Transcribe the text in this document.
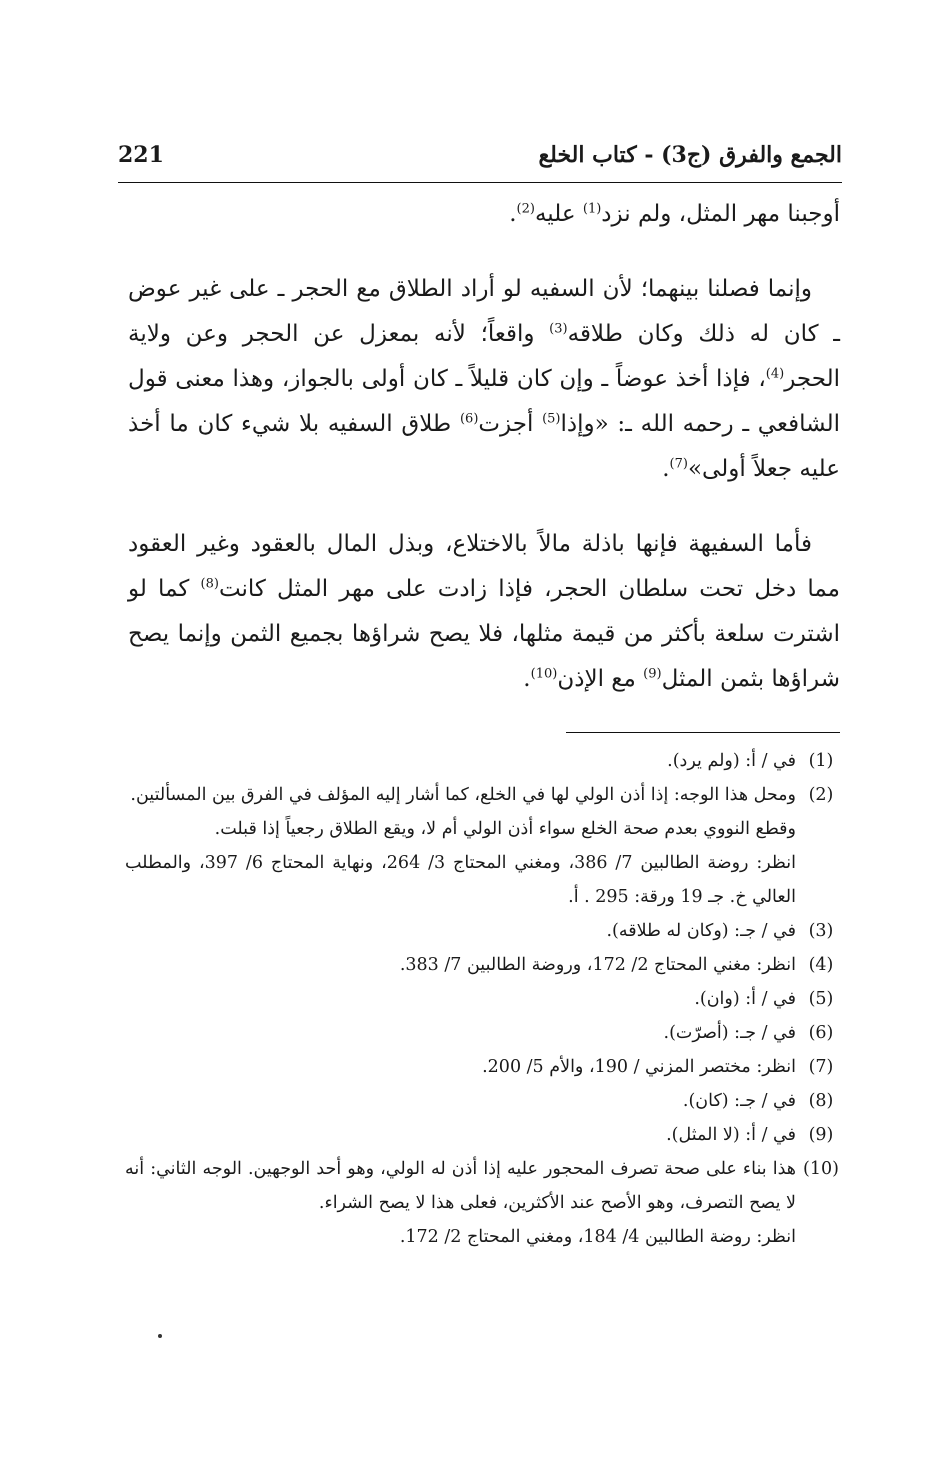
الجمع والفرق (ج3) - كتاب الخلع
221

أوجبنا مهر المثل، ولم نزد$^{(1)}$ عليه$^{(2)}$.

وإنما فصلنا بينهما؛ لأن السفيه لو أراد الطلاق مع الحجر ـ على غير عوض ـ كان له ذلك وكان طلاقه$^{(3)}$ واقعاً؛ لأنه بمعزل عن الحجر وعن ولاية الحجر$^{(4)}$، فإذا أخذ عوضاً ـ وإن كان قليلاً ـ كان أولى بالجواز، وهذا معنى قول الشافعي ـ رحمه الله ـ: «وإذا$^{(5)}$ أجزت$^{(6)}$ طلاق السفيه بلا شيء كان ما أخذ عليه جعلاً أولى»$^{(7)}$.

فأما السفيهة فإنها باذلة مالاً بالاختلاع، وبذل المال بالعقود وغير العقود مما دخل تحت سلطان الحجر، فإذا زادت على مهر المثل كانت$^{(8)}$ كما لو اشترت سلعة بأكثر من قيمة مثلها، فلا يصح شراؤها بجميع الثمن وإنما يصح شراؤها بثمن المثل$^{(9)}$ مع الإذن$^{(10)}$.

(1)
في / أ: (ولم يرد).
(2)
ومحل هذا الوجه: إذا أذن الولي لها في الخلع، كما أشار إليه المؤلف في الفرق بين المسألتين.
وقطع النووي بعدم صحة الخلع سواء أذن الولي أم لا، ويقع الطلاق رجعياً إذا قبلت.
انظر: روضة الطالبين 7/ 386، ومغني المحتاج 3/ 264، ونهاية المحتاج 6/ 397، والمطلب العالي خ. جـ 19 ورقة: 295 . أ.
(3)
في / جـ: (وكان له طلاقه).
(4)
انظر: مغني المحتاج 2/ 172، وروضة الطالبين 7/ 383.
(5)
في / أ: (وان).
(6)
في / جـ: (أصرّت).
(7)
انظر: مختصر المزني / 190، والأم 5/ 200.
(8)
في / جـ: (كان).
(9)
في / أ: (لا المثل).
(10)
هذا بناء على صحة تصرف المحجور عليه إذا أذن له الولي، وهو أحد الوجهين. الوجه الثاني: أنه لا يصح التصرف، وهو الأصح عند الأكثرين، فعلى هذا لا يصح الشراء.
انظر: روضة الطالبين 4/ 184، ومغني المحتاج 2/ 172.
